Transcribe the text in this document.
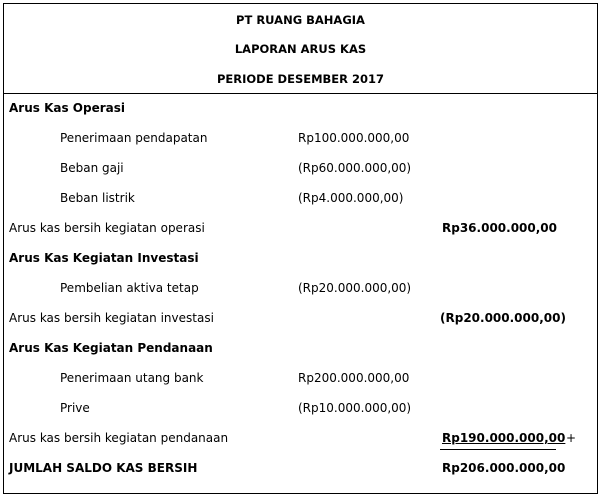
PT RUANG BAHAGIA
LAPORAN ARUS KAS
PERIODE DESEMBER 2017
Arus Kas Operasi
Penerimaan pendapatan	Rp100.000.000,00
Beban gaji	(Rp60.000.000,00)
Beban listrik	(Rp4.000.000,00)
Arus kas bersih kegiatan operasi	Rp36.000.000,00
Arus Kas Kegiatan Investasi
Pembelian aktiva tetap	(Rp20.000.000,00)
Arus kas bersih kegiatan investasi	(Rp20.000.000,00)
Arus Kas Kegiatan Pendanaan
Penerimaan utang bank	Rp200.000.000,00
Prive	(Rp10.000.000,00)
Arus kas bersih kegiatan pendanaan	Rp190.000.000,00 +
JUMLAH SALDO KAS BERSIH	Rp206.000.000,00
